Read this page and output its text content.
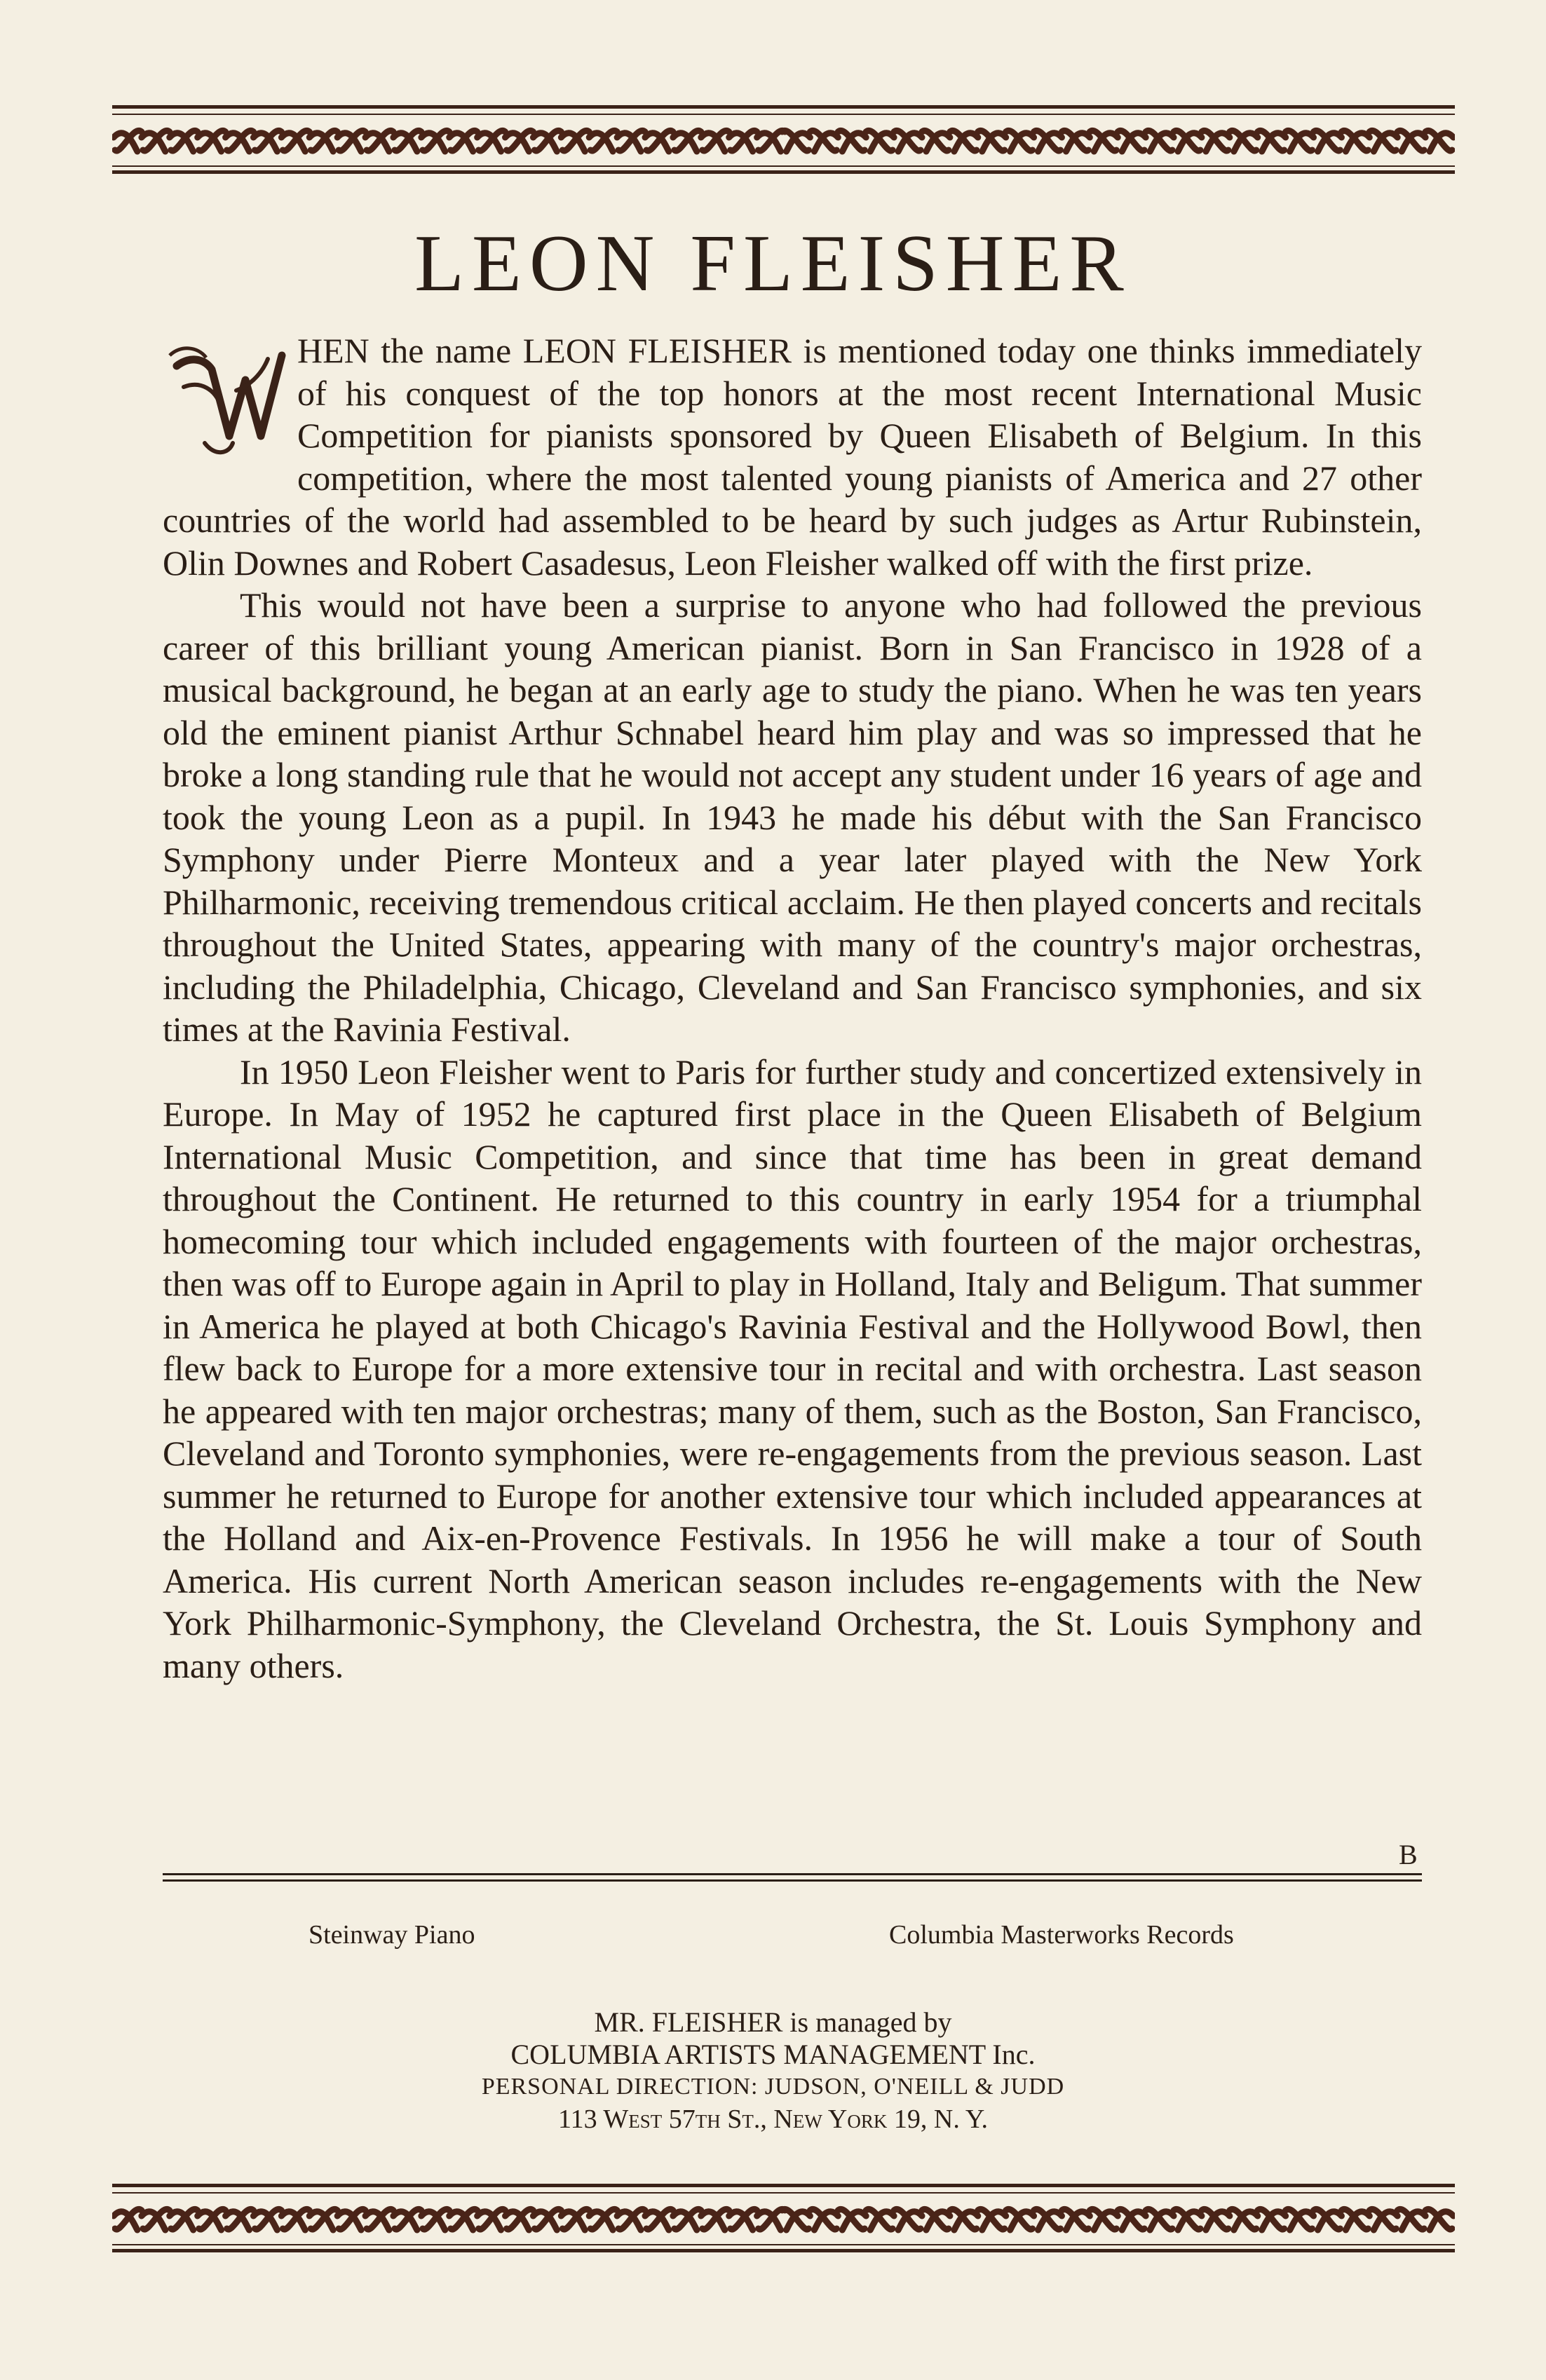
LEON FLEISHER

HEN the name LEON FLEISHER is mentioned today one thinks immediately of his conquest of the top honors at the most recent International Music Competition for pianists sponsored by Queen Elisabeth of Belgium. In this competition, where the most talented young pianists of America and 27 other countries of the world had assembled to be heard by such judges as Artur Rubinstein, Olin Downes and Robert Casadesus, Leon Fleisher walked off with the first prize.

This would not have been a surprise to anyone who had followed the previous career of this brilliant young American pianist. Born in San Francisco in 1928 of a musical background, he began at an early age to study the piano. When he was ten years old the eminent pianist Arthur Schnabel heard him play and was so impressed that he broke a long standing rule that he would not accept any student under 16 years of age and took the young Leon as a pupil. In 1943 he made his début with the San Francisco Symphony under Pierre Monteux and a year later played with the New York Philharmonic, receiving tremendous critical acclaim. He then played concerts and recitals throughout the United States, appearing with many of the country's major orchestras, including the Philadelphia, Chicago, Cleveland and San Francisco symphonies, and six times at the Ravinia Festival.

In 1950 Leon Fleisher went to Paris for further study and concertized extensively in Europe. In May of 1952 he captured first place in the Queen Elisabeth of Belgium International Music Competition, and since that time has been in great demand throughout the Continent. He returned to this country in early 1954 for a triumphal homecoming tour which included engagements with fourteen of the major orchestras, then was off to Europe again in April to play in Holland, Italy and Beligum. That summer in America he played at both Chicago's Ravinia Festival and the Hollywood Bowl, then flew back to Europe for a more extensive tour in recital and with orchestra. Last season he appeared with ten major orchestras; many of them, such as the Boston, San Francisco, Cleveland and Toronto symphonies, were re-engagements from the previous season. Last summer he returned to Europe for another extensive tour which included appearances at the Holland and Aix-en-Provence Festivals. In 1956 he will make a tour of South America. His current North American season includes re-engagements with the New York Philharmonic-Symphony, the Cleveland Orchestra, the St. Louis Symphony and many others.

B
Steinway Piano	Columbia Masterworks Records
MR. FLEISHER is managed by
COLUMBIA ARTISTS MANAGEMENT Inc.
PERSONAL DIRECTION: JUDSON, O'NEILL & JUDD
113 West 57th St., New York 19, N. Y.
